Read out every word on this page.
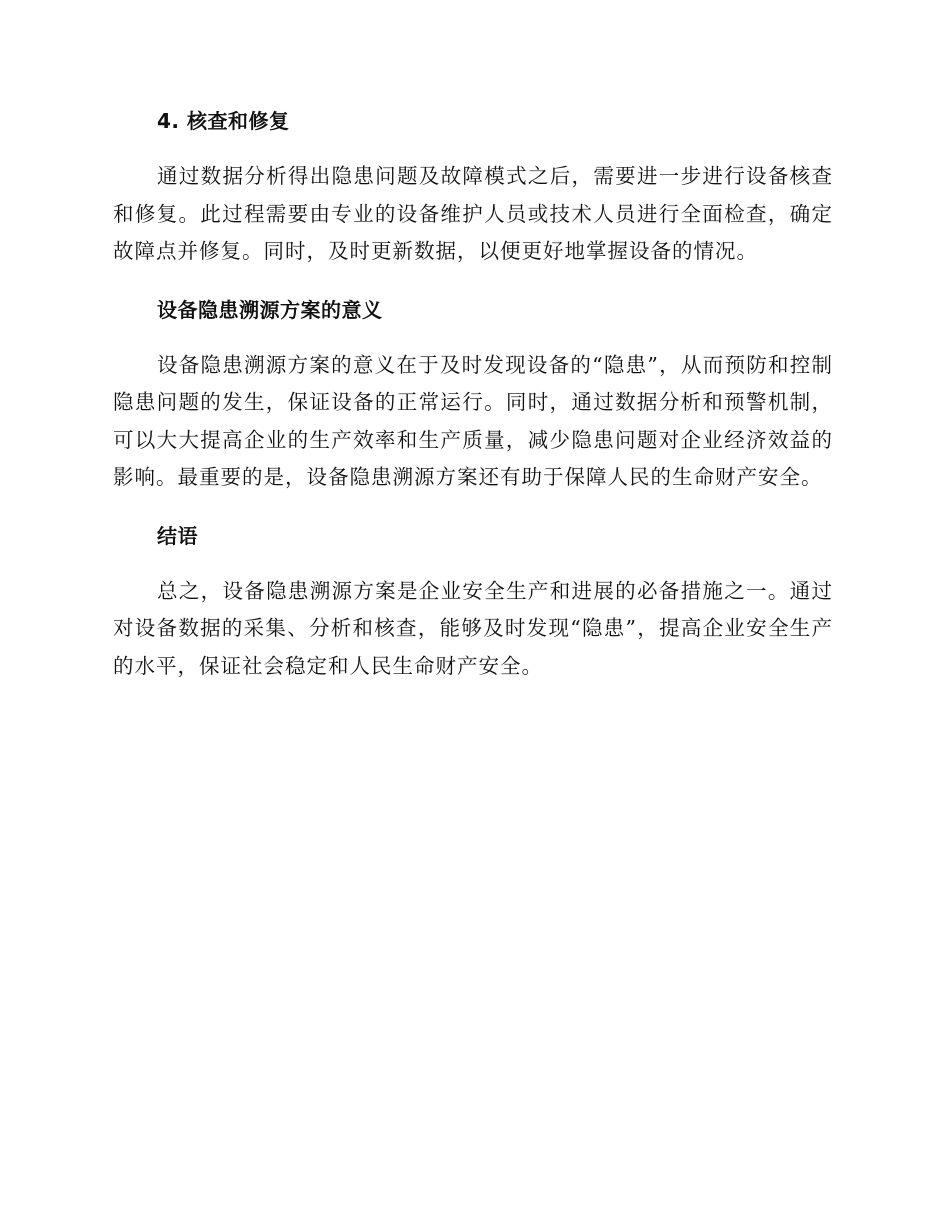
4. 核查和修复

通过数据分析得出隐患问题及故障模式之后，需要进一步进行设备核查和修复。此过程需要由专业的设备维护人员或技术人员进行全面检查，确定故障点并修复。同时，及时更新数据，以便更好地掌握设备的情况。

设备隐患溯源方案的意义

设备隐患溯源方案的意义在于及时发现设备的“隐患”，从而预防和控制隐患问题的发生，保证设备的正常运行。同时，通过数据分析和预警机制，可以大大提高企业的生产效率和生产质量，减少隐患问题对企业经济效益的影响。最重要的是，设备隐患溯源方案还有助于保障人民的生命财产安全。

结语

总之，设备隐患溯源方案是企业安全生产和进展的必备措施之一。通过对设备数据的采集、分析和核查，能够及时发现“隐患”，提高企业安全生产的水平，保证社会稳定和人民生命财产安全。
